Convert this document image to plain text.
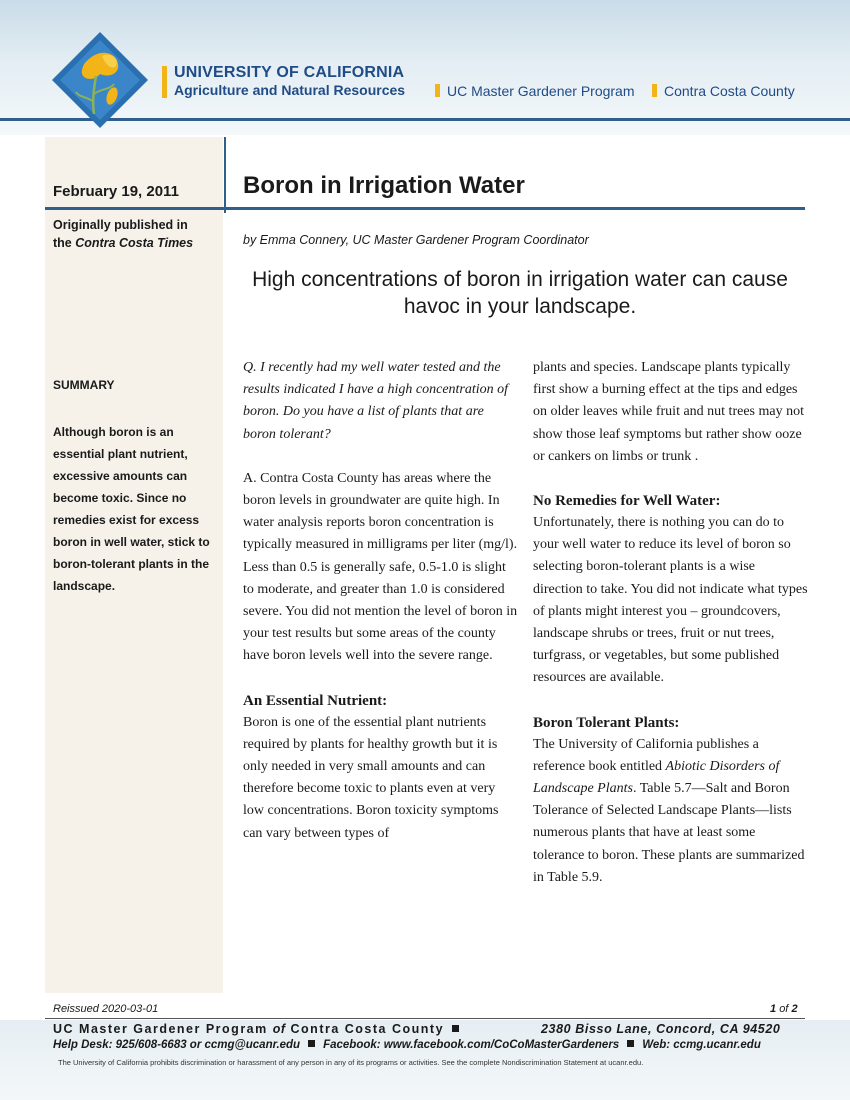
UNIVERSITY OF CALIFORNIA
Agriculture and Natural Resources	UC Master Gardener Program	Contra Costa County
February 19, 2011
Originally published in
the Contra Costa Times
SUMMARY
Although boron is an essential plant nutrient, excessive amounts can become toxic. Since no remedies exist for excess boron in well water, stick to boron-tolerant plants in the landscape.
Boron in Irrigation Water
by Emma Connery, UC Master Gardener Program Coordinator
High concentrations of boron in irrigation water can cause havoc in your landscape.

Q. I recently had my well water tested and the results indicated I have a high concentration of boron. Do you have a list of plants that are boron tolerant?

A. Contra Costa County has areas where the boron levels in groundwater are quite high. In water analysis reports boron concentration is typically measured in milligrams per liter (mg/l). Less than 0.5 is generally safe, 0.5-1.0 is slight to moderate, and greater than 1.0 is considered severe. You did not mention the level of boron in your test results but some areas of the county have boron levels well into the severe range.

An Essential Nutrient:

Boron is one of the essential plant nutrients required by plants for healthy growth but it is only needed in very small amounts and can therefore become toxic to plants even at very low concentrations. Boron toxicity symptoms can vary between types of

plants and species. Landscape plants typically first show a burning effect at the tips and edges on older leaves while fruit and nut trees may not show those leaf symptoms but rather show ooze or cankers on limbs or trunk .

No Remedies for Well Water:

Unfortunately, there is nothing you can do to your well water to reduce its level of boron so selecting boron-tolerant plants is a wise direction to take. You did not indicate what types of plants might interest you – groundcovers, landscape shrubs or trees, fruit or nut trees, turfgrass, or vegetables, but some published resources are available.

Boron Tolerant Plants:

The University of California publishes a reference book entitled Abiotic Disorders of Landscape Plants. Table 5.7—Salt and Boron Tolerance of Selected Landscape Plants—lists numerous plants that have at least some tolerance to boron. These plants are summarized in Table 5.9.

Reissued 2020-03-01	1 of 2
UC Master Gardener Program of Contra Costa County	2380 Bisso Lane, Concord, CA 94520
Help Desk: 925/608-6683 or ccmg@ucanr.edu Facebook: www.facebook.com/CoCoMasterGardeners Web: ccmg.ucanr.edu
The University of California prohibits discrimination or harassment of any person in any of its programs or activities. See the complete Nondiscrimination Statement at ucanr.edu.
